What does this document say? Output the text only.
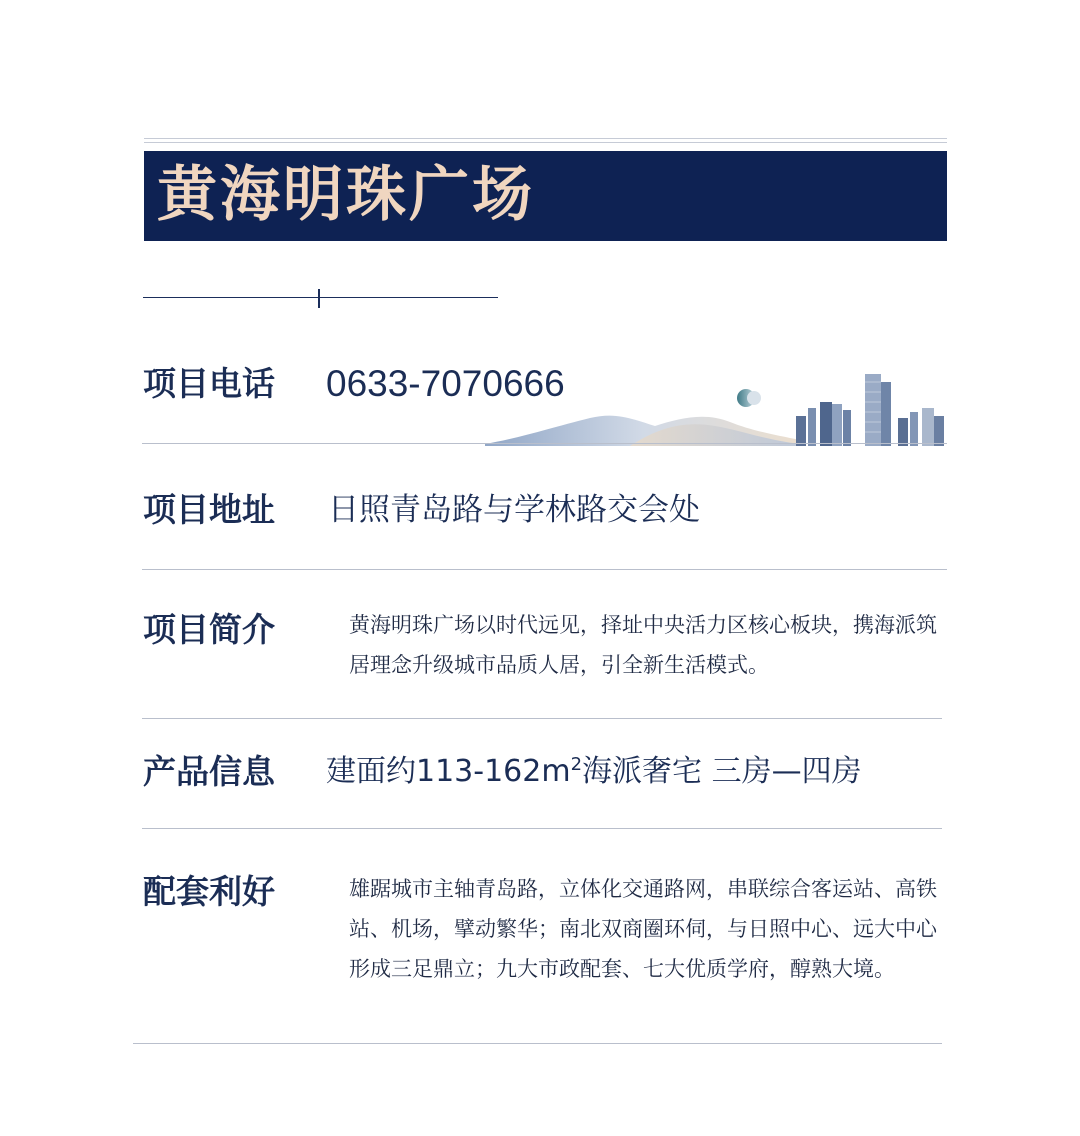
黄海明珠广场
项目电话 0633-7070666
项目地址 日照青岛路与学林路交会处
项目简介	黄海明珠广场以时代远见，择址中央活力区核心板块，携海派筑居理念升级城市品质人居，引全新生活模式。
产品信息 建面约$113-162m^2$海派奢宅 三房—四房
配套利好	雄踞城市主轴青岛路，立体化交通路网，串联综合客运站、高铁站、机场，擘动繁华；南北双商圈环伺，与日照中心、远大中心形成三足鼎立；九大市政配套、七大优质学府，醇熟大境。
